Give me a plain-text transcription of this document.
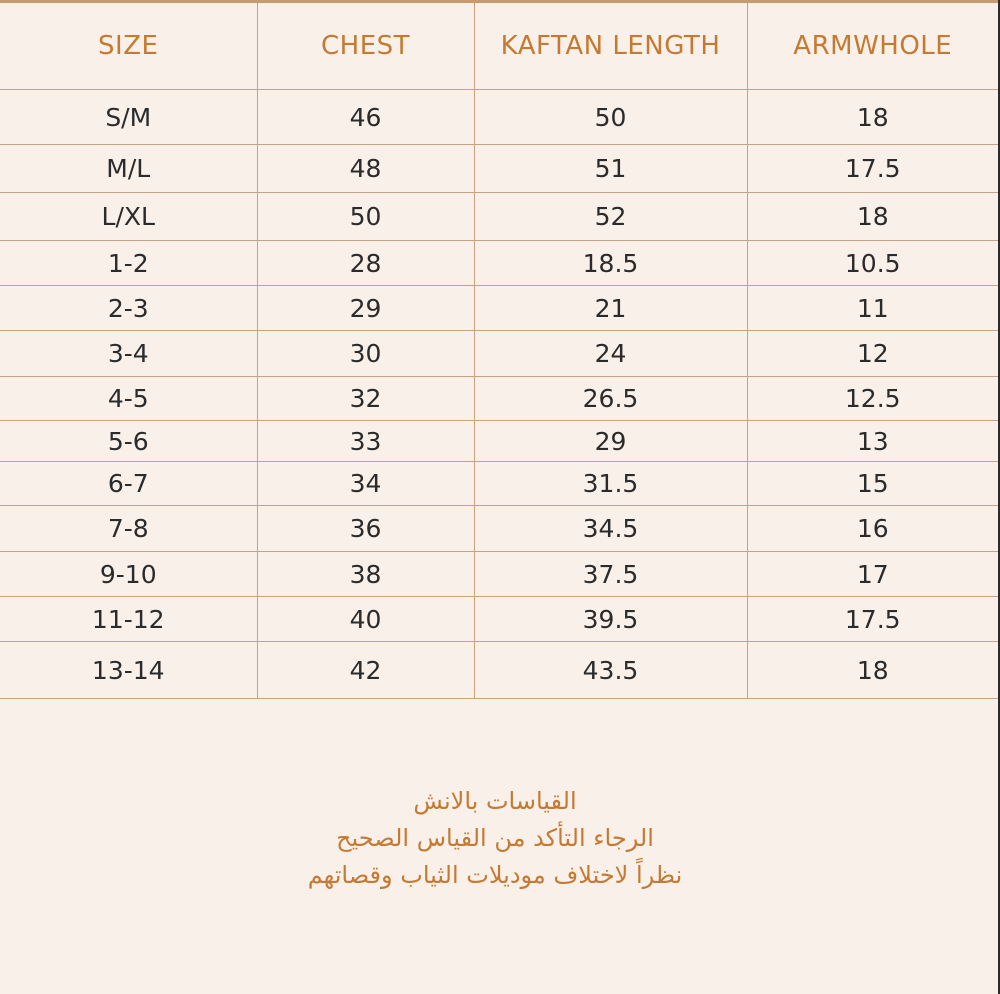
SIZE	CHEST	KAFTAN LENGTH	ARMWHOLE
S/M	46	50	18
M/L	48	51	17.5
L/XL	50	52	18
1-2	28	18.5	10.5
2-3	29	21	11
3-4	30	24	12
4-5	32	26.5	12.5
5-6	33	29	13
6-7	34	31.5	15
7-8	36	34.5	16
9-10	38	37.5	17
11-12	40	39.5	17.5
13-14	42	43.5	18
القياسات بالانش
الرجاء التأكد من القياس الصحيح
نظراً لاختلاف موديلات الثياب وقصاتهم
